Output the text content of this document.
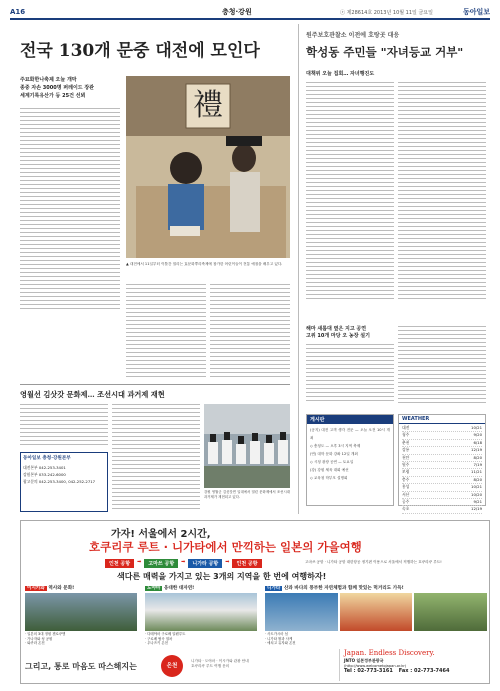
A16	충청·강원	ⓡ 제28614호 2013년 10월 11일 금요일	동아일보
전국 130개 문중 대전에 모인다
주묘화한나축제 오늘 개막
종중 자손 3000명 퍼레이드 장관
세계기록유산가 등 25건 선뵈	禮
▲ 대전에서 11일부터 이틀간 열리는 효문화뿌리축제에 참가한 어린이들이 전통 예절을 배우고 있다.
원주보호관찰소 이전에 호랑곳 대응
학성동 주민들 "자녀등교 거부"
대책위 오늘 집회… 자녀행진도
해마 새롬대 옆은 지고 공연
고위 10개 마당 오 농장 설기
게시판
(공지) 대전 고객 생각 전문 — 오늘 오전 10시 개최
◇ 충청도 — 오후 3시 지역 축제
(연) 대학 문화 강좌 12일 개최
◇ 시청 광장 공연 — 토요일
(강) 강원 체육 대회 예선
◇ 교육청 학부모 설명회
WEATHER
대전	10/21
청주	9/20
춘천	6/18
강릉	12/19
천안	8/20
원주	7/19
보령	11/21
충주	8/20
홍성	10/21
서산	10/20
공주	9/21
속초	12/19
영월선 김삿갓 문화제… 조선시대 과거제 재현
강원 영월군 김삿갓면 일대에서 열린 문화제에서 조선시대 과거제가 재현되고 있다.
동아일보 충청·강원본부
대전본부 042-253-3401
강원본부 033-242-6000
광고문의 042-253-3400, 042-252-2717
가자! 서울에서 2시간,
호쿠리쿠 루트 · 니가타에서 만끽하는 일본의 가을여행
인천 공항	➡	고마쓰 공항	➡	니가타 공항	➡	인천 공항	고마쓰 공항 · 니가타 공항 대한항공 정기편 이용으로 서울에서 직행하는 호쿠리쿠 루트!
색다른 매력을 가지고 있는 3개의 지역을 한 번에 여행하자!
이시카와 역사와 문화!
· 일본의 3대 정원 겐로쿠엔
· 가나자와 성 공원
· 와쿠라 온천
도야마 웅대한 대자연!
· 다테야마 구로베 알펜루트
· 구로베 협곡 열차
· 우나즈키 온천
니가타 산과 바다의 풍부한 자연체험과 함께 맛있는 먹거리도 가득!
· 사도가시마 섬
· 니가타 쌀과 사케
· 에치고 유자와 온천
그리고, 통로 마음도 따스해지는	온천
니가타 · 도야마 · 이시카와 관광 안내
호쿠리쿠 루트 여행 문의
Japan. Endless Discovery.
JNTO 일본정부관광국
(http://www.welcometojapan.or.kr)
Tel : 02-773-3161 Fax : 02-773-7464
